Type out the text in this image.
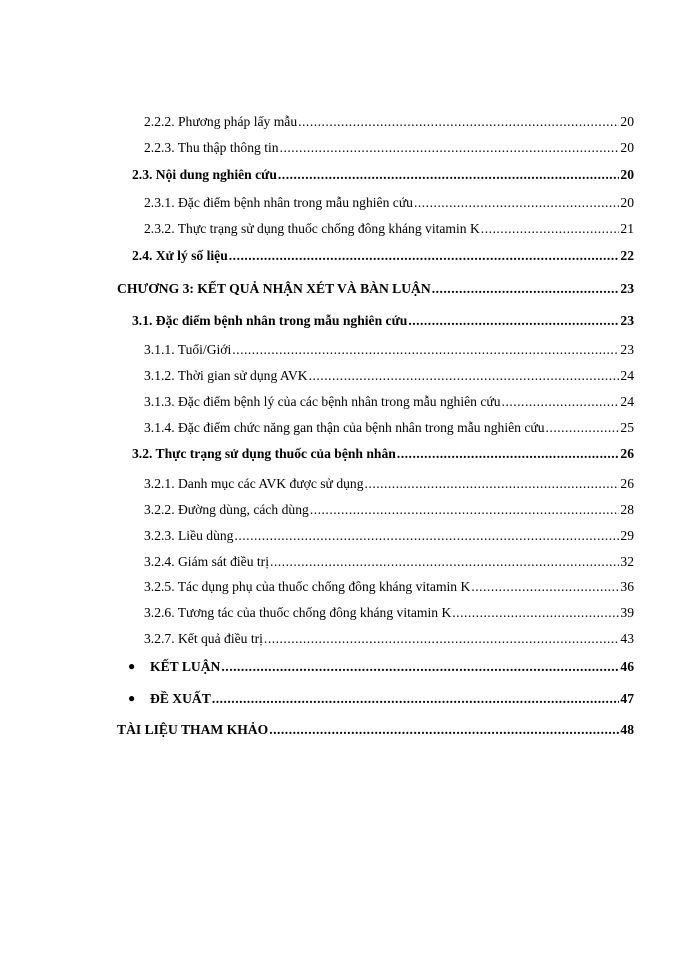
2.2.2. Phương pháp lấy mẫu .....	20
2.2.3. Thu thập thông tin .....	20
2.3. Nội dung nghiên cứu .....	20
2.3.1. Đặc điểm bệnh nhân trong mẫu nghiên cứu .....	20
2.3.2. Thực trạng sử dụng thuốc chống đông kháng vitamin K .....	21
2.4. Xử lý số liệu .....	22
CHƯƠNG 3: KẾT QUẢ NHẬN XÉT VÀ BÀN LUẬN .....	23
3.1. Đặc điểm bệnh nhân trong mẫu nghiên cứu .....	23
3.1.1. Tuổi/Giới .....	23
3.1.2. Thời gian sử dụng AVK .....	24
3.1.3. Đặc điểm bệnh lý của các bệnh nhân trong mẫu nghiên cứu .....	24
3.1.4. Đặc điểm chức năng gan thận của bệnh nhân trong mẫu nghiên cứu .....	25
3.2. Thực trạng sử dụng thuốc của bệnh nhân .....	26
3.2.1. Danh mục các AVK được sử dụng .....	26
3.2.2. Đường dùng, cách dùng .....	28
3.2.3. Liều dùng .....	29
3.2.4. Giám sát điều trị .....	32
3.2.5. Tác dụng phụ của thuốc chống đông kháng vitamin K .....	36
3.2.6. Tương tác của thuốc chống đông kháng vitamin K .....	39
3.2.7. Kết quả điều trị .....	43
● KẾT LUẬN .....	46
● ĐỀ XUẤT .....	47
TÀI LIỆU THAM KHẢO .....	48
